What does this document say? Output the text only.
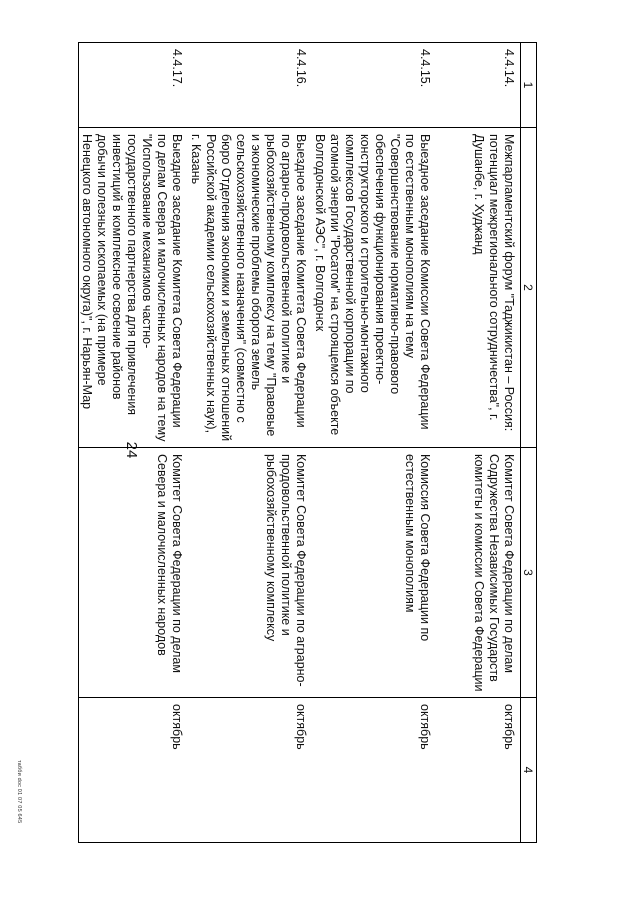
24
1	2	3	4
4.4.14.	Межпарламентский форум "Таджикистан – Россия: потенциал межрегионального сотрудничества", г. Душанбе, г. Худжанд	Комитет Совета Федерации по делам Содружества Независимых Государств комитеты и комиссии Совета Федерации	октябрь
4.4.15.	Выездное заседание Комиссии Совета Федерации по естественным монополиям на тему "Совершенствование нормативно-правового обеспечения функционирования проектно-конструкторского и строительно-монтажного комплексов Государственной корпорации по атомной энергии "Росатом" на строящемся объекте Волгодонской АЭС", г. Волгодонск	Комиссия Совета Федерации по естественным монополиям	октябрь
4.4.16.	Выездное заседание Комитета Совета Федерации по аграрно-продовольственной политике и рыбохозяйственному комплексу на тему "Правовые и экономические проблемы оборота земель сельскохозяйственного назначения" (совместно с бюро Отделения экономики и земельных отношений Российской академии сельскохозяйственных наук), г. Казань	Комитет Совета Федерации по аграрно-продовольственной политике и рыбохозяйственному комплексу	октябрь
4.4.17.	Выездное заседание Комитета Совета Федерации по делам Севера и малочисленных народов на тему "Использование механизмов частно-государственного партнерства для привлечения инвестиций в комплексное освоение районов добычи полезных ископаемых (на примере Ненецкого автономного округа)", г. Нарьян-Мар	Комитет Совета Федерации по делам Севера и малочисленных народов	октябрь
табби doc 01 07 05 645
